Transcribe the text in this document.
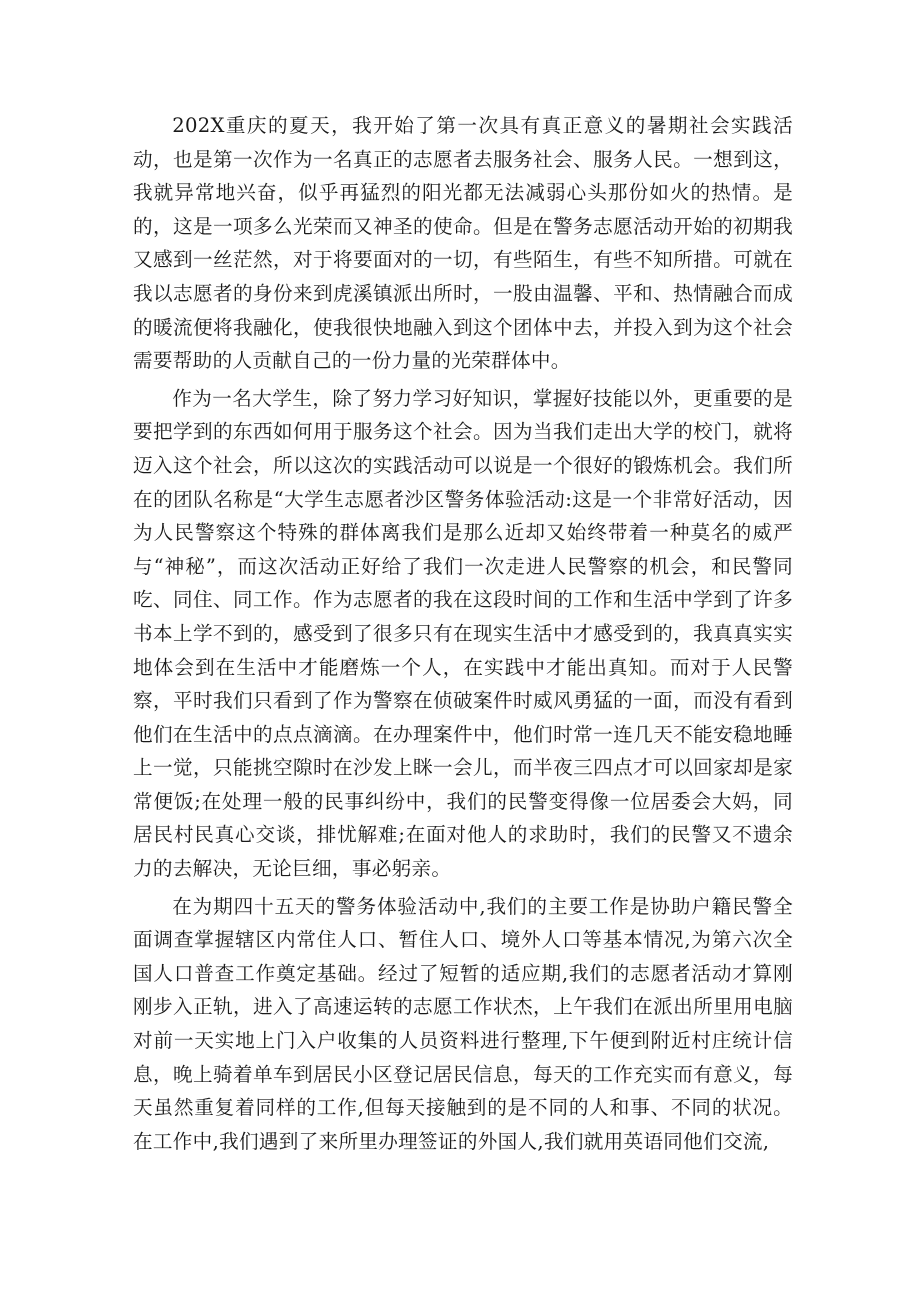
202X重庆的夏天，我开始了第一次具有真正意义的暑期社会实践活动，也是第一次作为一名真正的志愿者去服务社会、服务人民。一想到这，我就异常地兴奋，似乎再猛烈的阳光都无法减弱心头那份如火的热情。是的，这是一项多么光荣而又神圣的使命。但是在警务志愿活动开始的初期我又感到一丝茫然，对于将要面对的一切，有些陌生，有些不知所措。可就在我以志愿者的身份来到虎溪镇派出所时，一股由温馨、平和、热情融合而成的暖流便将我融化，使我很快地融入到这个团体中去，并投入到为这个社会需要帮助的人贡献自己的一份力量的光荣群体中。

作为一名大学生，除了努力学习好知识，掌握好技能以外，更重要的是要把学到的东西如何用于服务这个社会。因为当我们走出大学的校门，就将迈入这个社会，所以这次的实践活动可以说是一个很好的锻炼机会。我们所在的团队名称是“大学生志愿者沙区警务体验活动:这是一个非常好活动，因为人民警察这个特殊的群体离我们是那么近却又始终带着一种莫名的威严与“神秘”，而这次活动正好给了我们一次走进人民警察的机会，和民警同吃、同住、同工作。作为志愿者的我在这段时间的工作和生活中学到了许多书本上学不到的，感受到了很多只有在现实生活中才感受到的，我真真实实地体会到在生活中才能磨炼一个人，在实践中才能出真知。而对于人民警察，平时我们只看到了作为警察在侦破案件时威风勇猛的一面，而没有看到他们在生活中的点点滴滴。在办理案件中，他们时常一连几天不能安稳地睡上一觉，只能挑空隙时在沙发上眯一会儿，而半夜三四点才可以回家却是家常便饭;在处理一般的民事纠纷中，我们的民警变得像一位居委会大妈，同居民村民真心交谈，排忧解难;在面对他人的求助时，我们的民警又不遗余力的去解决，无论巨细，事必躬亲。

在为期四十五天的警务体验活动中,我们的主要工作是协助户籍民警全面调查掌握辖区内常住人口、暂住人口、境外人口等基本情况,为第六次全国人口普查工作奠定基础。经过了短暂的适应期,我们的志愿者活动才算刚刚步入正轨，进入了高速运转的志愿工作状杰，上午我们在派出所里用电脑对前一天实地上门入户收集的人员资料进行整理,下午便到附近村庄统计信息，晚上骑着单车到居民小区登记居民信息，每天的工作充实而有意义，每天虽然重复着同样的工作,但每天接触到的是不同的人和事、不同的状况。在工作中,我们遇到了来所里办理签证的外国人,我们就用英语同他们交流,
